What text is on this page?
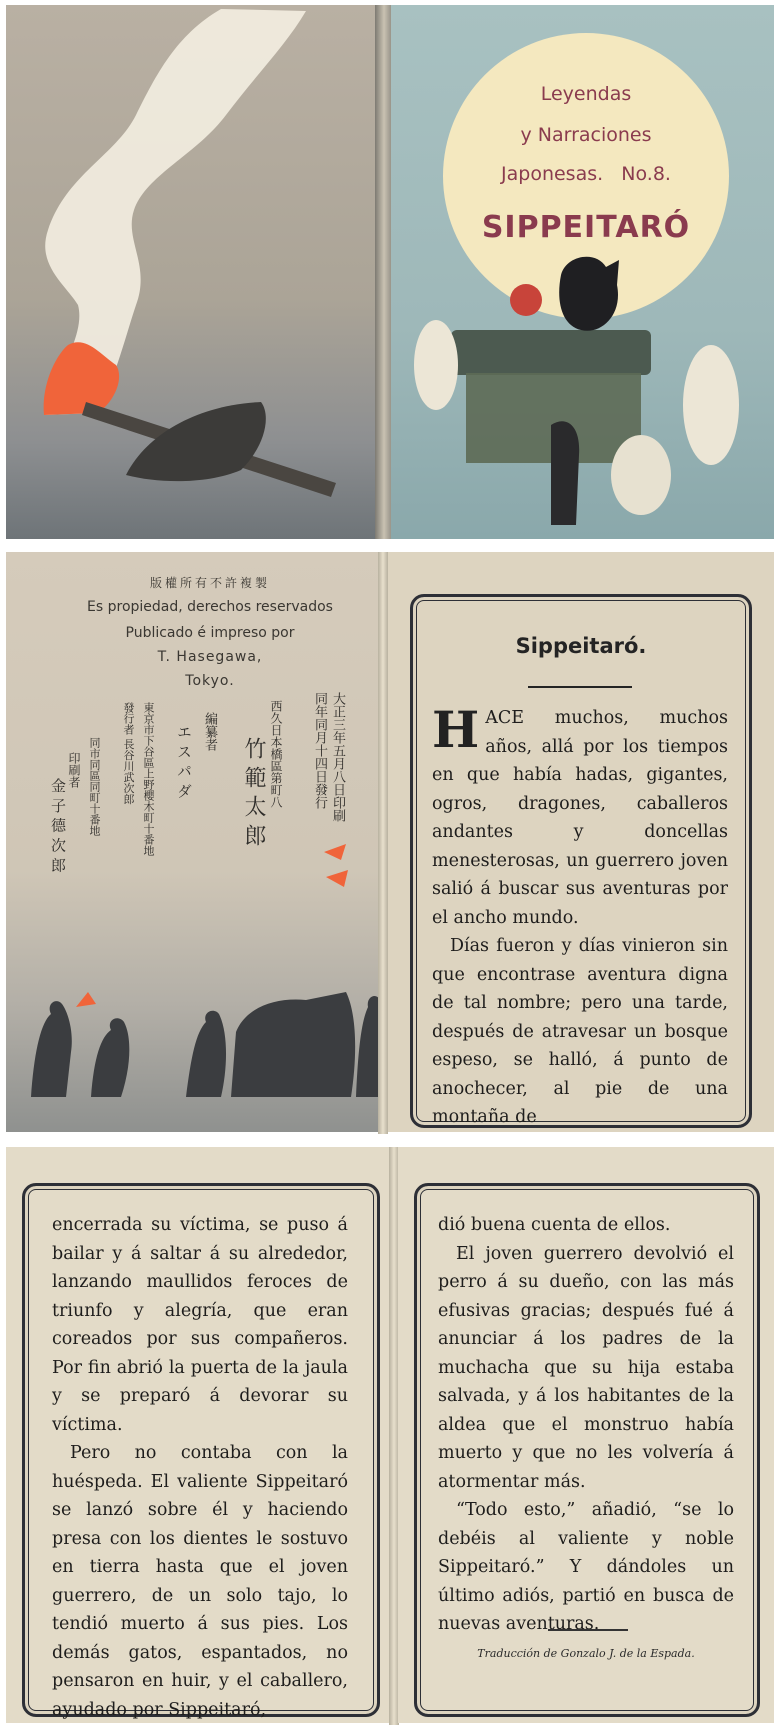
Leyendas
y Narraciones
Japonesas. No.8.
SIPPEITARÓ
版權所有不許複製
Es propiedad, derechos reservados
Publicado é impreso por
T. Hasegawa,
Tokyo.
大正三年五月八日印刷
同年同月十四日發行
西久日本橋區第町八
竹 範 太 郎
編纂者
エ ス パ ダ
東京市下谷區上野櫻木町十番地
發行者 長谷川武次郎
同市同區同町十番地
印刷者
金 子 德 次 郎
Sippeitaró.

HACE muchos, muchos años, allá por los tiempos en que había hadas, gigantes, ogros, dragones, caballeros andantes y doncellas menesterosas, un guerrero joven salió á buscar sus aventuras por el ancho mundo.

Días fueron y días vinieron sin que encontrase aventura digna de tal nombre; pero una tarde, después de atravesar un bosque espeso, se halló, á punto de anochecer, al pie de una montaña de

encerrada su víctima, se puso á bailar y á saltar á su alrededor, lanzando maullidos feroces de triunfo y alegría, que eran coreados por sus compañeros. Por fin abrió la puerta de la jaula y se preparó á devorar su víctima.

Pero no contaba con la huéspeda. El valiente Sippeitaró se lanzó sobre él y haciendo presa con los dientes le sostuvo en tierra hasta que el joven guerrero, de un solo tajo, lo tendió muerto á sus pies. Los demás gatos, espantados, no pensaron en huir, y el caballero, ayudado por Sippeitaró,

dió buena cuenta de ellos.

El joven guerrero devolvió el perro á su dueño, con las más efusivas gracias; después fué á anunciar á los padres de la muchacha que su hija estaba salvada, y á los habitantes de la aldea que el monstruo había muerto y que no les volvería á atormentar más.

“Todo esto,” añadió, “se lo debéis al valiente y noble Sippeitaró.” Y dándoles un último adiós, partió en busca de nuevas aventuras.

Traducción de Gonzalo J. de la Espada.
